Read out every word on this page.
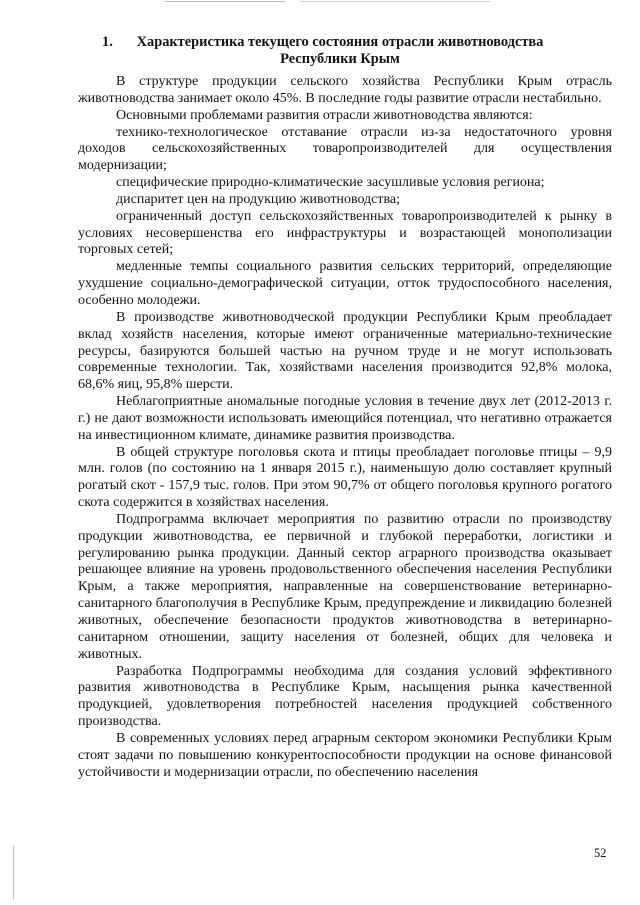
1.	Характеристика текущего состояния отрасли животноводства
Республики Крым

В структуре продукции сельского хозяйства Республики Крым отрасль животноводства занимает около 45%. В последние годы развитие отрасли нестабильно.

Основными проблемами развития отрасли животноводства являются:

технико-технологическое отставание отрасли из-за недостаточного уровня доходов сельскохозяйственных товаропроизводителей для осуществления модернизации;

специфические природно-климатические засушливые условия региона;

диспаритет цен на продукцию животноводства;

ограниченный доступ сельскохозяйственных товаропроизводителей к рынку в условиях несовершенства его инфраструктуры и возрастающей монополизации торговых сетей;

медленные темпы социального развития сельских территорий, определяющие ухудшение социально-демографической ситуации, отток трудоспособного населения, особенно молодежи.

В производстве животноводческой продукции Республики Крым преобладает вклад хозяйств населения, которые имеют ограниченные материально-технические ресурсы, базируются большей частью на ручном труде и не могут использовать современные технологии. Так, хозяйствами населения производится 92,8% молока, 68,6% яиц, 95,8% шерсти.

Неблагоприятные аномальные погодные условия в течение двух лет (2012-2013 г. г.) не дают возможности использовать имеющийся потенциал, что негативно отражается на инвестиционном климате, динамике развития производства.

В общей структуре поголовья скота и птицы преобладает поголовье птицы – 9,9 млн. голов (по состоянию на 1 января 2015 г.), наименьшую долю составляет крупный рогатый скот - 157,9 тыс. голов. При этом 90,7% от общего поголовья крупного рогатого скота содержится в хозяйствах населения.

Подпрограмма включает мероприятия по развитию отрасли по производству продукции животноводства, ее первичной и глубокой переработки, логистики и регулированию рынка продукции. Данный сектор аграрного производства оказывает решающее влияние на уровень продовольственного обеспечения населения Республики Крым, а также мероприятия, направленные на совершенствование ветеринарно-санитарного благополучия в Республике Крым, предупреждение и ликвидацию болезней животных, обеспечение безопасности продуктов животноводства в ветеринарно-санитарном отношении, защиту населения от болезней, общих для человека и животных.

Разработка Подпрограммы необходима для создания условий эффективного развития животноводства в Республике Крым, насыщения рынка качественной продукцией, удовлетворения потребностей населения продукцией собственного производства.

В современных условиях перед аграрным сектором экономики Республики Крым стоят задачи по повышению конкурентоспособности продукции на основе финансовой устойчивости и модернизации отрасли, по обеспечению населения

52
